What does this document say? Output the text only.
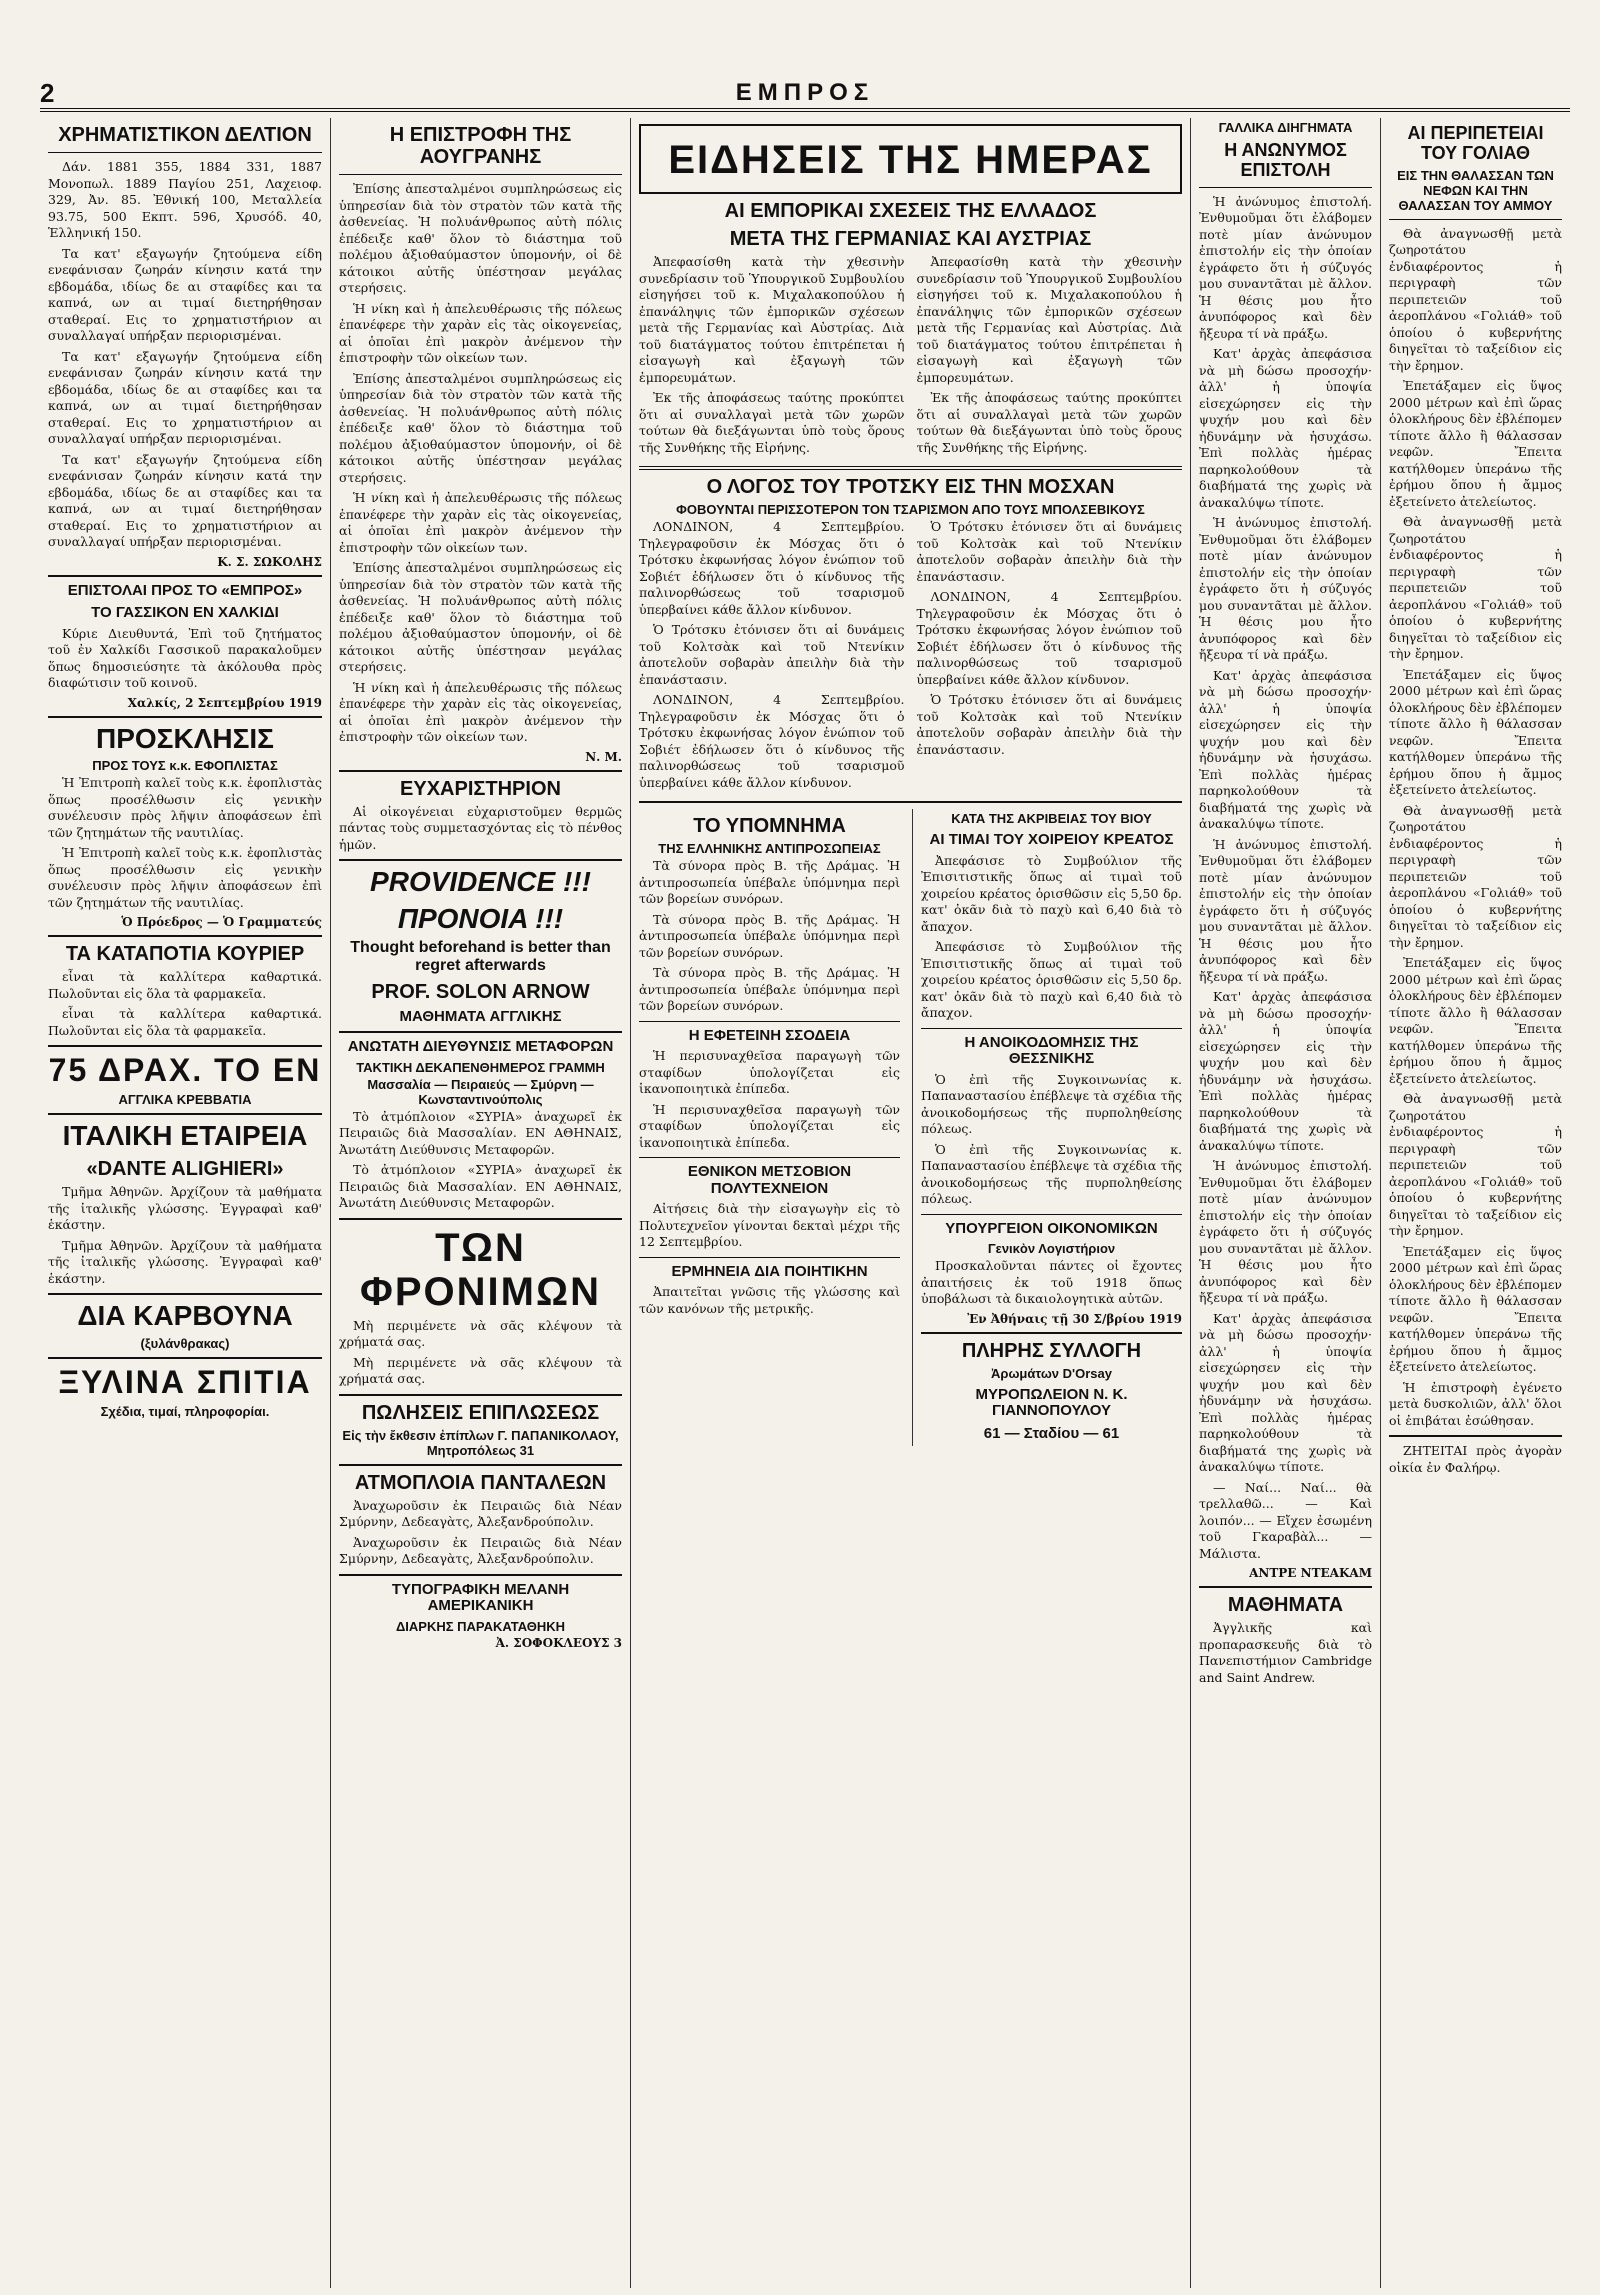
2	ΕΜΠΡΟΣ
ΧΡΗΜΑΤΙΣΤΙΚΟΝ ΔΕΛΤΙΟΝ

Δάν. 1881 355, 1884 331, 1887 Μονοπωλ. 1889 Παγίου 251, Λαχειοφ. 329, Ἀν. 85. Ἐθνική 100, Μεταλλεία 93.75, 500 Εκπτ. 596, Χρυσόδ. 40, Ἑλληνική 150.

Τα κατ' εξαγωγήν ζητούμενα είδη ενεφάνισαν ζωηράν κίνησιν κατά την εβδομάδα, ιδίως δε αι σταφίδες και τα καπνά, ων αι τιμαί διετηρήθησαν σταθεραί. Εις το χρηματιστήριον αι συναλλαγαί υπήρξαν περιορισμέναι.

Τα κατ' εξαγωγήν ζητούμενα είδη ενεφάνισαν ζωηράν κίνησιν κατά την εβδομάδα, ιδίως δε αι σταφίδες και τα καπνά, ων αι τιμαί διετηρήθησαν σταθεραί. Εις το χρηματιστήριον αι συναλλαγαί υπήρξαν περιορισμέναι.

Τα κατ' εξαγωγήν ζητούμενα είδη ενεφάνισαν ζωηράν κίνησιν κατά την εβδομάδα, ιδίως δε αι σταφίδες και τα καπνά, ων αι τιμαί διετηρήθησαν σταθεραί. Εις το χρηματιστήριον αι συναλλαγαί υπήρξαν περιορισμέναι.

Κ. Σ. ΣΩΚΟΛΗΣ
ΕΠΙΣΤΟΛΑΙ ΠΡΟΣ ΤΟ «ΕΜΠΡΟΣ»
ΤΟ ΓΑΣΣΙΚΟΝ ΕΝ ΧΑΛΚΙΔΙ

Κύριε Διευθυντά, Ἐπὶ τοῦ ζητήματος τοῦ ἐν Χαλκίδι Γασσικοῦ παρακαλοῦμεν ὅπως δημοσιεύσητε τὰ ἀκόλουθα πρὸς διαφώτισιν τοῦ κοινοῦ.

Χαλκίς, 2 Σεπτεμβρίου 1919
ΠΡΟΣΚΛΗΣΙΣ
ΠΡΟΣ ΤΟΥΣ κ.κ. ΕΦΟΠΛΙΣΤΑΣ

Ἡ Ἐπιτροπὴ καλεῖ τοὺς κ.κ. ἐφοπλιστὰς ὅπως προσέλθωσιν εἰς γενικὴν συνέλευσιν πρὸς λῆψιν ἀποφάσεων ἐπὶ τῶν ζητημάτων τῆς ναυτιλίας.

Ἡ Ἐπιτροπὴ καλεῖ τοὺς κ.κ. ἐφοπλιστὰς ὅπως προσέλθωσιν εἰς γενικὴν συνέλευσιν πρὸς λῆψιν ἀποφάσεων ἐπὶ τῶν ζητημάτων τῆς ναυτιλίας.

Ὁ Πρόεδρος — Ὁ Γραμματεύς
ΤΑ ΚΑΤΑΠΟΤΙΑ ΚΟΥΡΙΕΡ

εἶναι τὰ καλλίτερα καθαρτικά. Πωλοῦνται εἰς ὅλα τὰ φαρμακεῖα.

εἶναι τὰ καλλίτερα καθαρτικά. Πωλοῦνται εἰς ὅλα τὰ φαρμακεῖα.

75 ΔΡΑΧ. ΤΟ ΕΝ
ΑΓΓΛΙΚΑ ΚΡΕΒΒΑΤΙΑ
ΙΤΑΛΙΚΗ ΕΤΑΙΡΕΙΑ
«DANTE ALIGHIERI»

Τμῆμα Ἀθηνῶν. Ἀρχίζουν τὰ μαθήματα τῆς ἰταλικῆς γλώσσης. Ἐγγραφαὶ καθ' ἑκάστην.

Τμῆμα Ἀθηνῶν. Ἀρχίζουν τὰ μαθήματα τῆς ἰταλικῆς γλώσσης. Ἐγγραφαὶ καθ' ἑκάστην.

ΔΙΑ ΚΑΡΒΟΥΝΑ
(ξυλάνθρακας)
ΞΥΛΙΝΑ ΣΠΙΤΙΑ
Σχέδια, τιμαί, πληροφορίαι.
Η ΕΠΙΣΤΡΟΦΗ ΤΗΣ ΑΟΥΓΡΑΝΗΣ

Ἐπίσης ἀπεσταλμένοι συμπληρώσεως εἰς ὑπηρεσίαν διὰ τὸν στρατὸν τῶν κατὰ τῆς ἀσθενείας. Ἡ πολυάνθρωπος αὐτὴ πόλις ἐπέδειξε καθ' ὅλον τὸ διάστημα τοῦ πολέμου ἀξιοθαύμαστον ὑπομονήν, οἱ δὲ κάτοικοι αὐτῆς ὑπέστησαν μεγάλας στερήσεις.

Ἡ νίκη καὶ ἡ ἀπελευθέρωσις τῆς πόλεως ἐπανέφερε τὴν χαρὰν εἰς τὰς οἰκογενείας, αἱ ὁποῖαι ἐπὶ μακρὸν ἀνέμενον τὴν ἐπιστροφὴν τῶν οἰκείων των.

Ἐπίσης ἀπεσταλμένοι συμπληρώσεως εἰς ὑπηρεσίαν διὰ τὸν στρατὸν τῶν κατὰ τῆς ἀσθενείας. Ἡ πολυάνθρωπος αὐτὴ πόλις ἐπέδειξε καθ' ὅλον τὸ διάστημα τοῦ πολέμου ἀξιοθαύμαστον ὑπομονήν, οἱ δὲ κάτοικοι αὐτῆς ὑπέστησαν μεγάλας στερήσεις.

Ἡ νίκη καὶ ἡ ἀπελευθέρωσις τῆς πόλεως ἐπανέφερε τὴν χαρὰν εἰς τὰς οἰκογενείας, αἱ ὁποῖαι ἐπὶ μακρὸν ἀνέμενον τὴν ἐπιστροφὴν τῶν οἰκείων των.

Ἐπίσης ἀπεσταλμένοι συμπληρώσεως εἰς ὑπηρεσίαν διὰ τὸν στρατὸν τῶν κατὰ τῆς ἀσθενείας. Ἡ πολυάνθρωπος αὐτὴ πόλις ἐπέδειξε καθ' ὅλον τὸ διάστημα τοῦ πολέμου ἀξιοθαύμαστον ὑπομονήν, οἱ δὲ κάτοικοι αὐτῆς ὑπέστησαν μεγάλας στερήσεις.

Ἡ νίκη καὶ ἡ ἀπελευθέρωσις τῆς πόλεως ἐπανέφερε τὴν χαρὰν εἰς τὰς οἰκογενείας, αἱ ὁποῖαι ἐπὶ μακρὸν ἀνέμενον τὴν ἐπιστροφὴν τῶν οἰκείων των.

Ν. Μ.
ΕΥΧΑΡΙΣΤΗΡΙΟΝ

Αἱ οἰκογένειαι εὐχαριστοῦμεν θερμῶς πάντας τοὺς συμμετασχόντας εἰς τὸ πένθος ἡμῶν.

PROVIDENCE !!!
ΠΡΟΝΟΙΑ !!!
Thought beforehand is better than regret afterwards
PROF. SOLON ARNOW
ΜΑΘΗΜΑΤΑ ΑΓΓΛΙΚΗΣ
ΑΝΩΤΑΤΗ ΔΙΕΥΘΥΝΣΙΣ ΜΕΤΑΦΟΡΩΝ
ΤΑΚΤΙΚΗ ΔΕΚΑΠΕΝΘΗΜΕΡΟΣ ΓΡΑΜΜΗ
Μασσαλία — Πειραιεύς — Σμύρνη — Κωνσταντινούπολις

Τὸ ἀτμόπλοιον «ΣΥΡΙΑ» ἀναχωρεῖ ἐκ Πειραιῶς διὰ Μασσαλίαν. ΕΝ ΑΘΗΝΑΙΣ, Ἀνωτάτη Διεύθυνσις Μεταφορῶν.

Τὸ ἀτμόπλοιον «ΣΥΡΙΑ» ἀναχωρεῖ ἐκ Πειραιῶς διὰ Μασσαλίαν. ΕΝ ΑΘΗΝΑΙΣ, Ἀνωτάτη Διεύθυνσις Μεταφορῶν.

ΤΩΝ ΦΡΟΝΙΜΩΝ

Μὴ περιμένετε νὰ σᾶς κλέψουν τὰ χρήματά σας.

Μὴ περιμένετε νὰ σᾶς κλέψουν τὰ χρήματά σας.

ΠΩΛΗΣΕΙΣ ΕΠΙΠΛΩΣΕΩΣ
Εἰς τὴν ἔκθεσιν ἐπίπλων Γ. ΠΑΠΑΝΙΚΟΛΑΟΥ, Μητροπόλεως 31
ΑΤΜΟΠΛΟΙΑ ΠΑΝΤΑΛΕΩΝ

Ἀναχωροῦσιν ἐκ Πειραιῶς διὰ Νέαν Σμύρνην, Δεδεαγὰτς, Ἀλεξανδρούπολιν.

Ἀναχωροῦσιν ἐκ Πειραιῶς διὰ Νέαν Σμύρνην, Δεδεαγὰτς, Ἀλεξανδρούπολιν.

ΤΥΠΟΓΡΑΦΙΚΗ ΜΕΛΑΝΗ ΑΜΕΡΙΚΑΝΙΚΗ
ΔΙΑΡΚΗΣ ΠΑΡΑΚΑΤΑΘΗΚΗ
Ἀ. ΣΟΦΟΚΛΕΟΥΣ 3
ΕΙΔΗΣΕΙΣ ΤΗΣ ΗΜΕΡΑΣ
ΑΙ ΕΜΠΟΡΙΚΑΙ ΣΧΕΣΕΙΣ ΤΗΣ ΕΛΛΑΔΟΣ
ΜΕΤΑ ΤΗΣ ΓΕΡΜΑΝΙΑΣ ΚΑΙ ΑΥΣΤΡΙΑΣ

Ἀπεφασίσθη κατὰ τὴν χθεσινὴν συνεδρίασιν τοῦ Ὑπουργικοῦ Συμβουλίου εἰσηγήσει τοῦ κ. Μιχαλακοπούλου ἡ ἐπανάληψις τῶν ἐμπορικῶν σχέσεων μετὰ τῆς Γερμανίας καὶ Αὐστρίας. Διὰ τοῦ διατάγματος τούτου ἐπιτρέπεται ἡ εἰσαγωγὴ καὶ ἐξαγωγὴ τῶν ἐμπορευμάτων.

Ἐκ τῆς ἀποφάσεως ταύτης προκύπτει ὅτι αἱ συναλλαγαὶ μετὰ τῶν χωρῶν τούτων θὰ διεξάγωνται ὑπὸ τοὺς ὅρους τῆς Συνθήκης τῆς Εἰρήνης.

Ἀπεφασίσθη κατὰ τὴν χθεσινὴν συνεδρίασιν τοῦ Ὑπουργικοῦ Συμβουλίου εἰσηγήσει τοῦ κ. Μιχαλακοπούλου ἡ ἐπανάληψις τῶν ἐμπορικῶν σχέσεων μετὰ τῆς Γερμανίας καὶ Αὐστρίας. Διὰ τοῦ διατάγματος τούτου ἐπιτρέπεται ἡ εἰσαγωγὴ καὶ ἐξαγωγὴ τῶν ἐμπορευμάτων.

Ἐκ τῆς ἀποφάσεως ταύτης προκύπτει ὅτι αἱ συναλλαγαὶ μετὰ τῶν χωρῶν τούτων θὰ διεξάγωνται ὑπὸ τοὺς ὅρους τῆς Συνθήκης τῆς Εἰρήνης.

Ο ΛΟΓΟΣ ΤΟΥ ΤΡΟΤΣΚΥ ΕΙΣ ΤΗΝ ΜΟΣΧΑΝ
ΦΟΒΟΥΝΤΑΙ ΠΕΡΙΣΣΟΤΕΡΟΝ ΤΟΝ ΤΣΑΡΙΣΜΟΝ ΑΠΟ ΤΟΥΣ ΜΠΟΛΣΕΒΙΚΟΥΣ

ΛΟΝΔΙΝΟΝ, 4 Σεπτεμβρίου. Τηλεγραφοῦσιν ἐκ Μόσχας ὅτι ὁ Τρότσκυ ἐκφωνήσας λόγον ἐνώπιον τοῦ Σοβιέτ ἐδήλωσεν ὅτι ὁ κίνδυνος τῆς παλινορθώσεως τοῦ τσαρισμοῦ ὑπερβαίνει κάθε ἄλλον κίνδυνον.

Ὁ Τρότσκυ ἐτόνισεν ὅτι αἱ δυνάμεις τοῦ Κολτσὰκ καὶ τοῦ Ντενίκιν ἀποτελοῦν σοβαρὰν ἀπειλὴν διὰ τὴν ἐπανάστασιν.

ΛΟΝΔΙΝΟΝ, 4 Σεπτεμβρίου. Τηλεγραφοῦσιν ἐκ Μόσχας ὅτι ὁ Τρότσκυ ἐκφωνήσας λόγον ἐνώπιον τοῦ Σοβιέτ ἐδήλωσεν ὅτι ὁ κίνδυνος τῆς παλινορθώσεως τοῦ τσαρισμοῦ ὑπερβαίνει κάθε ἄλλον κίνδυνον.

Ὁ Τρότσκυ ἐτόνισεν ὅτι αἱ δυνάμεις τοῦ Κολτσὰκ καὶ τοῦ Ντενίκιν ἀποτελοῦν σοβαρὰν ἀπειλὴν διὰ τὴν ἐπανάστασιν.

ΛΟΝΔΙΝΟΝ, 4 Σεπτεμβρίου. Τηλεγραφοῦσιν ἐκ Μόσχας ὅτι ὁ Τρότσκυ ἐκφωνήσας λόγον ἐνώπιον τοῦ Σοβιέτ ἐδήλωσεν ὅτι ὁ κίνδυνος τῆς παλινορθώσεως τοῦ τσαρισμοῦ ὑπερβαίνει κάθε ἄλλον κίνδυνον.

Ὁ Τρότσκυ ἐτόνισεν ὅτι αἱ δυνάμεις τοῦ Κολτσὰκ καὶ τοῦ Ντενίκιν ἀποτελοῦν σοβαρὰν ἀπειλὴν διὰ τὴν ἐπανάστασιν.

ΤΟ ΥΠΟΜΝΗΜΑ
ΤΗΣ ΕΛΛΗΝΙΚΗΣ ΑΝΤΙΠΡΟΣΩΠΕΙΑΣ

Τὰ σύνορα πρὸς Β. τῆς Δράμας. Ἡ ἀντιπροσωπεία ὑπέβαλε ὑπόμνημα περὶ τῶν βορείων συνόρων.

Τὰ σύνορα πρὸς Β. τῆς Δράμας. Ἡ ἀντιπροσωπεία ὑπέβαλε ὑπόμνημα περὶ τῶν βορείων συνόρων.

Τὰ σύνορα πρὸς Β. τῆς Δράμας. Ἡ ἀντιπροσωπεία ὑπέβαλε ὑπόμνημα περὶ τῶν βορείων συνόρων.

Η ΕΦΕΤΕΙΝΗ ΣΣΟΔΕΙΑ

Ἡ περισυναχθεῖσα παραγωγὴ τῶν σταφίδων ὑπολογίζεται εἰς ἱκανοποιητικὰ ἐπίπεδα.

Ἡ περισυναχθεῖσα παραγωγὴ τῶν σταφίδων ὑπολογίζεται εἰς ἱκανοποιητικὰ ἐπίπεδα.

ΕΘΝΙΚΟΝ ΜΕΤΣΟΒΙΟΝ ΠΟΛΥΤΕΧΝΕΙΟΝ

Αἰτήσεις διὰ τὴν εἰσαγωγὴν εἰς τὸ Πολυτεχνεῖον γίνονται δεκταὶ μέχρι τῆς 12 Σεπτεμβρίου.

ΕΡΜΗΝΕΙΑ ΔΙΑ ΠΟΙΗΤΙΚΗΝ

Ἀπαιτεῖται γνῶσις τῆς γλώσσης καὶ τῶν κανόνων τῆς μετρικῆς.

ΚΑΤΑ ΤΗΣ ΑΚΡΙΒΕΙΑΣ ΤΟΥ ΒΙΟΥ
ΑΙ ΤΙΜΑΙ ΤΟΥ ΧΟΙΡΕΙΟΥ ΚΡΕΑΤΟΣ

Ἀπεφάσισε τὸ Συμβούλιον τῆς Ἐπισιτιστικῆς ὅπως αἱ τιμαὶ τοῦ χοιρείου κρέατος ὁρισθῶσιν εἰς 5,50 δρ. κατ' ὀκᾶν διὰ τὸ παχὺ καὶ 6,40 διὰ τὸ ἄπαχον.

Ἀπεφάσισε τὸ Συμβούλιον τῆς Ἐπισιτιστικῆς ὅπως αἱ τιμαὶ τοῦ χοιρείου κρέατος ὁρισθῶσιν εἰς 5,50 δρ. κατ' ὀκᾶν διὰ τὸ παχὺ καὶ 6,40 διὰ τὸ ἄπαχον.

Η ΑΝΟΙΚΟΔΟΜΗΣΙΣ ΤΗΣ ΘΕΣΣΝΙΚΗΣ

Ὁ ἐπὶ τῆς Συγκοινωνίας κ. Παπαναστασίου ἐπέβλεψε τὰ σχέδια τῆς ἀνοικοδομήσεως τῆς πυρποληθείσης πόλεως.

Ὁ ἐπὶ τῆς Συγκοινωνίας κ. Παπαναστασίου ἐπέβλεψε τὰ σχέδια τῆς ἀνοικοδομήσεως τῆς πυρποληθείσης πόλεως.

ΥΠΟΥΡΓΕΙΟΝ ΟΙΚΟΝΟΜΙΚΩΝ
Γενικὸν Λογιστήριον

Προσκαλοῦνται πάντες οἱ ἔχοντες ἀπαιτήσεις ἐκ τοῦ 1918 ὅπως ὑποβάλωσι τὰ δικαιολογητικὰ αὐτῶν.

Ἐν Ἀθήναις τῇ 30 Σ/βρίου 1919
ΠΛΗΡΗΣ ΣΥΛΛΟΓΗ
Ἀρωμάτων D'Orsay
ΜΥΡΟΠΩΛΕΙΟΝ Ν. Κ. ΓΙΑΝΝΟΠΟΥΛΟΥ
61 — Σταδίου — 61
ΓΑΛΛΙΚΑ ΔΙΗΓΗΜΑΤΑ
Η ΑΝΩΝΥΜΟΣ ΕΠΙΣΤΟΛΗ

Ἡ ἀνώνυμος ἐπιστολή. Ἐνθυμοῦμαι ὅτι ἐλάβομεν ποτὲ μίαν ἀνώνυμον ἐπιστολήν εἰς τὴν ὁποίαν ἐγράφετο ὅτι ἡ σύζυγός μου συναντᾶται μὲ ἄλλον. Ἡ θέσις μου ἦτο ἀνυπόφορος καὶ δὲν ἤξευρα τί νὰ πράξω.

Κατ' ἀρχὰς ἀπεφάσισα νὰ μὴ δώσω προσοχήν· ἀλλ' ἡ ὑποψία εἰσεχώρησεν εἰς τὴν ψυχήν μου καὶ δὲν ἠδυνάμην νὰ ἡσυχάσω. Ἐπὶ πολλὰς ἡμέρας παρηκολούθουν τὰ διαβήματά της χωρὶς νὰ ἀνακαλύψω τίποτε.

Ἡ ἀνώνυμος ἐπιστολή. Ἐνθυμοῦμαι ὅτι ἐλάβομεν ποτὲ μίαν ἀνώνυμον ἐπιστολήν εἰς τὴν ὁποίαν ἐγράφετο ὅτι ἡ σύζυγός μου συναντᾶται μὲ ἄλλον. Ἡ θέσις μου ἦτο ἀνυπόφορος καὶ δὲν ἤξευρα τί νὰ πράξω.

Κατ' ἀρχὰς ἀπεφάσισα νὰ μὴ δώσω προσοχήν· ἀλλ' ἡ ὑποψία εἰσεχώρησεν εἰς τὴν ψυχήν μου καὶ δὲν ἠδυνάμην νὰ ἡσυχάσω. Ἐπὶ πολλὰς ἡμέρας παρηκολούθουν τὰ διαβήματά της χωρὶς νὰ ἀνακαλύψω τίποτε.

Ἡ ἀνώνυμος ἐπιστολή. Ἐνθυμοῦμαι ὅτι ἐλάβομεν ποτὲ μίαν ἀνώνυμον ἐπιστολήν εἰς τὴν ὁποίαν ἐγράφετο ὅτι ἡ σύζυγός μου συναντᾶται μὲ ἄλλον. Ἡ θέσις μου ἦτο ἀνυπόφορος καὶ δὲν ἤξευρα τί νὰ πράξω.

Κατ' ἀρχὰς ἀπεφάσισα νὰ μὴ δώσω προσοχήν· ἀλλ' ἡ ὑποψία εἰσεχώρησεν εἰς τὴν ψυχήν μου καὶ δὲν ἠδυνάμην νὰ ἡσυχάσω. Ἐπὶ πολλὰς ἡμέρας παρηκολούθουν τὰ διαβήματά της χωρὶς νὰ ἀνακαλύψω τίποτε.

Ἡ ἀνώνυμος ἐπιστολή. Ἐνθυμοῦμαι ὅτι ἐλάβομεν ποτὲ μίαν ἀνώνυμον ἐπιστολήν εἰς τὴν ὁποίαν ἐγράφετο ὅτι ἡ σύζυγός μου συναντᾶται μὲ ἄλλον. Ἡ θέσις μου ἦτο ἀνυπόφορος καὶ δὲν ἤξευρα τί νὰ πράξω.

Κατ' ἀρχὰς ἀπεφάσισα νὰ μὴ δώσω προσοχήν· ἀλλ' ἡ ὑποψία εἰσεχώρησεν εἰς τὴν ψυχήν μου καὶ δὲν ἠδυνάμην νὰ ἡσυχάσω. Ἐπὶ πολλὰς ἡμέρας παρηκολούθουν τὰ διαβήματά της χωρὶς νὰ ἀνακαλύψω τίποτε.

— Ναί... Ναί... θὰ τρελλαθῶ... — Καὶ λοιπόν... — Εἴχεν ἐσωμένη τοῦ Γκαραβὰλ... — Μάλιστα.

ΑΝΤΡΕ ΝΤΕΑΚΑΜ
ΜΑΘΗΜΑΤΑ

Ἀγγλικῆς καὶ προπαρασκευῆς διὰ τὸ Πανεπιστήμιον Cambridge and Saint Andrew.

ΑΙ ΠΕΡΙΠΕΤΕΙΑΙ ΤΟΥ ΓΟΛΙΑΘ
ΕΙΣ ΤΗΝ ΘΑΛΑΣΣΑΝ ΤΩΝ ΝΕΦΩΝ ΚΑΙ ΤΗΝ ΘΑΛΑΣΣΑΝ ΤΟΥ ΑΜΜΟΥ

Θὰ ἀναγνωσθῇ μετὰ ζωηροτάτου ἐνδιαφέροντος ἡ περιγραφὴ τῶν περιπετειῶν τοῦ ἀεροπλάνου «Γολιάθ» τοῦ ὁποίου ὁ κυβερνήτης διηγεῖται τὸ ταξείδιον εἰς τὴν ἔρημον.

Ἐπετάξαμεν εἰς ὕψος 2000 μέτρων καὶ ἐπὶ ὥρας ὁλοκλήρους δὲν ἐβλέπομεν τίποτε ἄλλο ἢ θάλασσαν νεφῶν. Ἔπειτα κατήλθομεν ὑπεράνω τῆς ἐρήμου ὅπου ἡ ἄμμος ἐξετείνετο ἀτελείωτος.

Θὰ ἀναγνωσθῇ μετὰ ζωηροτάτου ἐνδιαφέροντος ἡ περιγραφὴ τῶν περιπετειῶν τοῦ ἀεροπλάνου «Γολιάθ» τοῦ ὁποίου ὁ κυβερνήτης διηγεῖται τὸ ταξείδιον εἰς τὴν ἔρημον.

Ἐπετάξαμεν εἰς ὕψος 2000 μέτρων καὶ ἐπὶ ὥρας ὁλοκλήρους δὲν ἐβλέπομεν τίποτε ἄλλο ἢ θάλασσαν νεφῶν. Ἔπειτα κατήλθομεν ὑπεράνω τῆς ἐρήμου ὅπου ἡ ἄμμος ἐξετείνετο ἀτελείωτος.

Θὰ ἀναγνωσθῇ μετὰ ζωηροτάτου ἐνδιαφέροντος ἡ περιγραφὴ τῶν περιπετειῶν τοῦ ἀεροπλάνου «Γολιάθ» τοῦ ὁποίου ὁ κυβερνήτης διηγεῖται τὸ ταξείδιον εἰς τὴν ἔρημον.

Ἐπετάξαμεν εἰς ὕψος 2000 μέτρων καὶ ἐπὶ ὥρας ὁλοκλήρους δὲν ἐβλέπομεν τίποτε ἄλλο ἢ θάλασσαν νεφῶν. Ἔπειτα κατήλθομεν ὑπεράνω τῆς ἐρήμου ὅπου ἡ ἄμμος ἐξετείνετο ἀτελείωτος.

Θὰ ἀναγνωσθῇ μετὰ ζωηροτάτου ἐνδιαφέροντος ἡ περιγραφὴ τῶν περιπετειῶν τοῦ ἀεροπλάνου «Γολιάθ» τοῦ ὁποίου ὁ κυβερνήτης διηγεῖται τὸ ταξείδιον εἰς τὴν ἔρημον.

Ἐπετάξαμεν εἰς ὕψος 2000 μέτρων καὶ ἐπὶ ὥρας ὁλοκλήρους δὲν ἐβλέπομεν τίποτε ἄλλο ἢ θάλασσαν νεφῶν. Ἔπειτα κατήλθομεν ὑπεράνω τῆς ἐρήμου ὅπου ἡ ἄμμος ἐξετείνετο ἀτελείωτος.

Ἡ ἐπιστροφὴ ἐγένετο μετὰ δυσκολιῶν, ἀλλ' ὅλοι οἱ ἐπιβάται ἐσώθησαν.

ΖΗΤΕΙΤΑΙ πρὸς ἀγορὰν οἰκία ἐν Φαλήρῳ.
